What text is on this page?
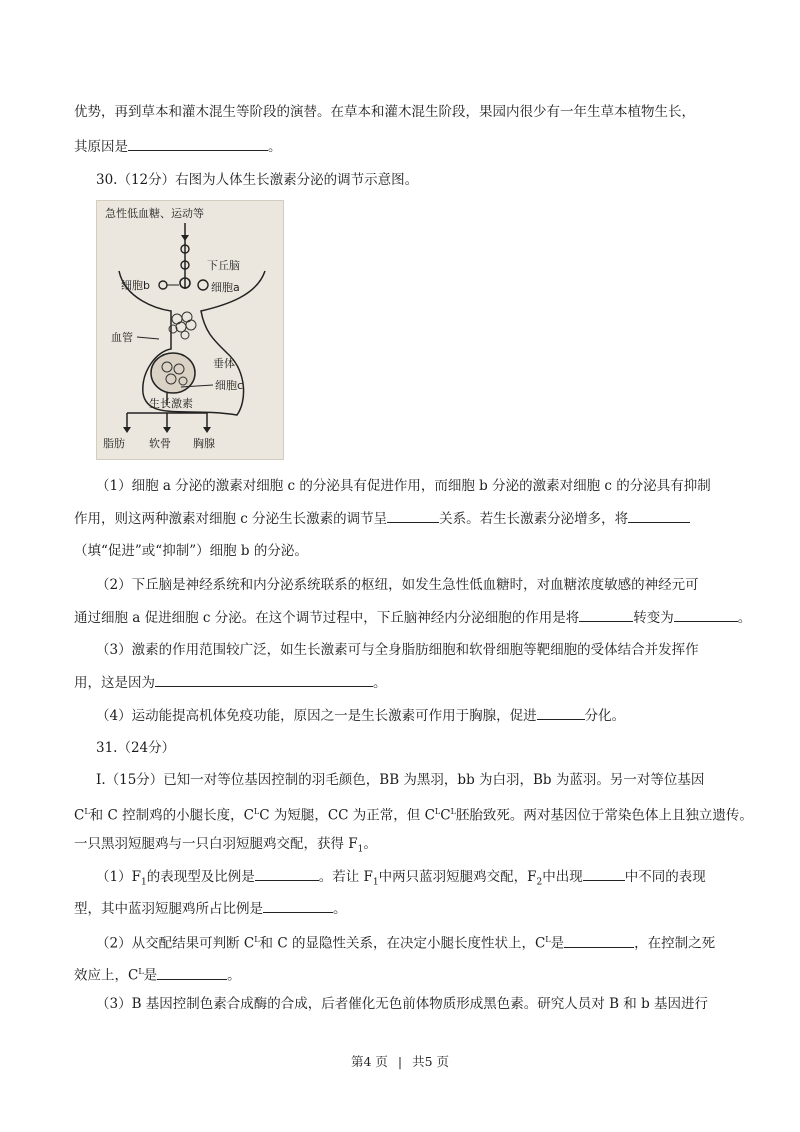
优势，再到草本和灌木混生等阶段的演替。在草本和灌木混生阶段，果园内很少有一年生草本植物生长，
其原因是	。
30.（12分）右图为人体生长激素分泌的调节示意图。
急性低血糖、运动等
下丘脑
细胞b	细胞a
血管
垂体
细胞c
生长激素
脂肪 软骨 胸腺
（1）细胞 a 分泌的激素对细胞 c 的分泌具有促进作用，而细胞 b 分泌的激素对细胞 c 的分泌具有抑制
作用，则这两种激素对细胞 c 分泌生长激素的调节呈	关系。若生长激素分泌增多，将
（填“促进”或“抑制”）细胞 b 的分泌。
（2）下丘脑是神经系统和内分泌系统联系的枢纽，如发生急性低血糖时，对血糖浓度敏感的神经元可
通过细胞 a 促进细胞 c 分泌。在这个调节过程中，下丘脑神经内分泌细胞的作用是将	转变为	。
（3）激素的作用范围较广泛，如生长激素可与全身脂肪细胞和软骨细胞等靶细胞的受体结合并发挥作
用，这是因为	。
（4）运动能提高机体免疫功能，原因之一是生长激素可作用于胸腺，促进	分化。
31.（24分）
I.（15分）已知一对等位基因控制的羽毛颜色，BB 为黑羽，bb 为白羽，Bb 为蓝羽。另一对等位基因
$C^L$和 C 控制鸡的小腿长度，$C^LC$ 为短腿，CC 为正常，但 $C^LC^L$胚胎致死。两对基因位于常染色体上且独立遗传。
一只黑羽短腿鸡与一只白羽短腿鸡交配，获得 $F_1$。
$(1)F_1$的表现型及比例是	。若让 $F_1$中两只蓝羽短腿鸡交配，$F_2$中出现	中不同的表现
型，其中蓝羽短腿鸡所占比例是	。
（2）从交配结果可判断 $C^L$和 C 的显隐性关系，在决定小腿长度性状上，$C^L$是	，在控制之死
效应上，$C^L$是	。
（3）B 基因控制色素合成酶的合成，后者催化无色前体物质形成黑色素。研究人员对 B 和 b 基因进行
第4 页 | 共5 页
